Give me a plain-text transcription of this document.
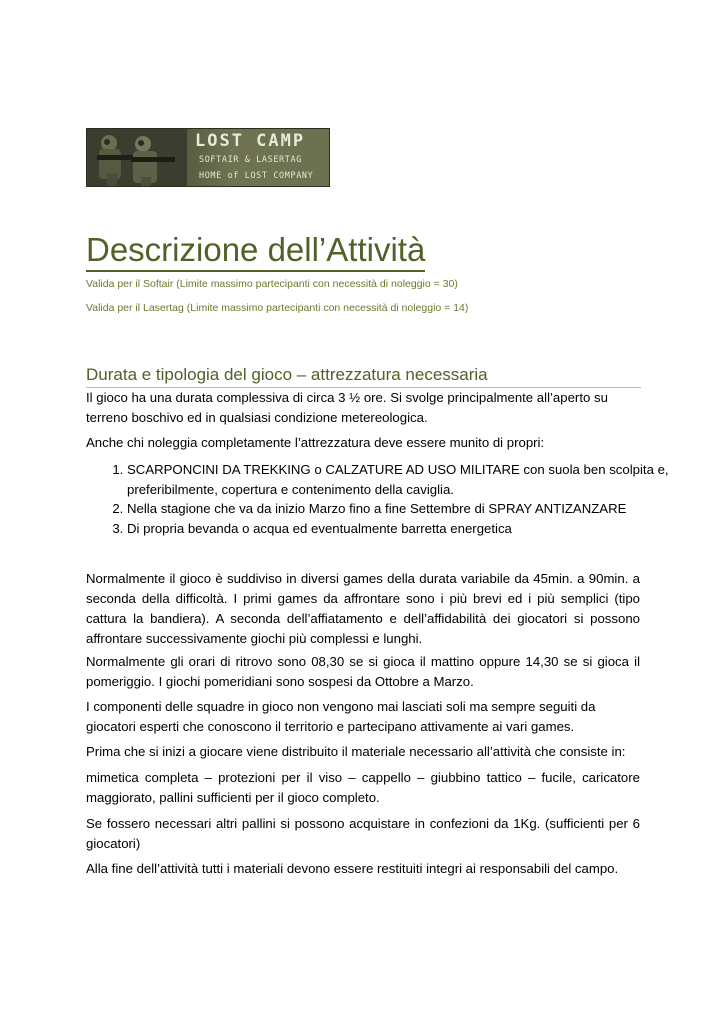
LOST CAMP
SOFTAIR & LASERTAG
HOME of LOST COMPANY
Descrizione dell’Attività

Valida per il Softair (Limite massimo partecipanti con necessità di noleggio = 30)

Valida per il Lasertag (Limite massimo partecipanti con necessità di noleggio = 14)

Durata e tipologia del gioco – attrezzatura necessaria

Il gioco ha una durata complessiva di circa 3 ½ ore. Si svolge principalmente all’aperto su terreno boschivo ed in qualsiasi condizione metereologica.

Anche chi noleggia completamente l’attrezzatura deve essere munito di propri:

1. SCARPONCINI DA TREKKING o CALZATURE AD USO MILITARE con suola ben scolpita e, preferibilmente, copertura e contenimento della caviglia.
2. Nella stagione che va da inizio Marzo fino a fine Settembre di SPRAY ANTIZANZARE
3. Di propria bevanda o acqua ed eventualmente barretta energetica

Normalmente il gioco è suddiviso in diversi games della durata variabile da 45min. a 90min. a seconda della difficoltà. I primi games da affrontare sono i più brevi ed i più semplici (tipo cattura la bandiera). A seconda dell’affiatamento e dell’affidabilità dei giocatori si possono affrontare successivamente giochi più complessi e lunghi.

Normalmente gli orari di ritrovo sono 08,30 se si gioca il mattino oppure 14,30 se si gioca il pomeriggio. I giochi pomeridiani sono sospesi da Ottobre a Marzo.

I componenti delle squadre in gioco non vengono mai lasciati soli ma sempre seguiti da giocatori esperti che conoscono il territorio e partecipano attivamente ai vari games.

Prima che si inizi a giocare viene distribuito il materiale necessario all’attività che consiste in:

mimetica completa – protezioni per il viso – cappello – giubbino tattico – fucile, caricatore maggiorato, pallini sufficienti per il gioco completo.

Se fossero necessari altri pallini si possono acquistare in confezioni da 1Kg. (sufficienti per 6 giocatori)

Alla fine dell’attività tutti i materiali devono essere restituiti integri ai responsabili del campo.
